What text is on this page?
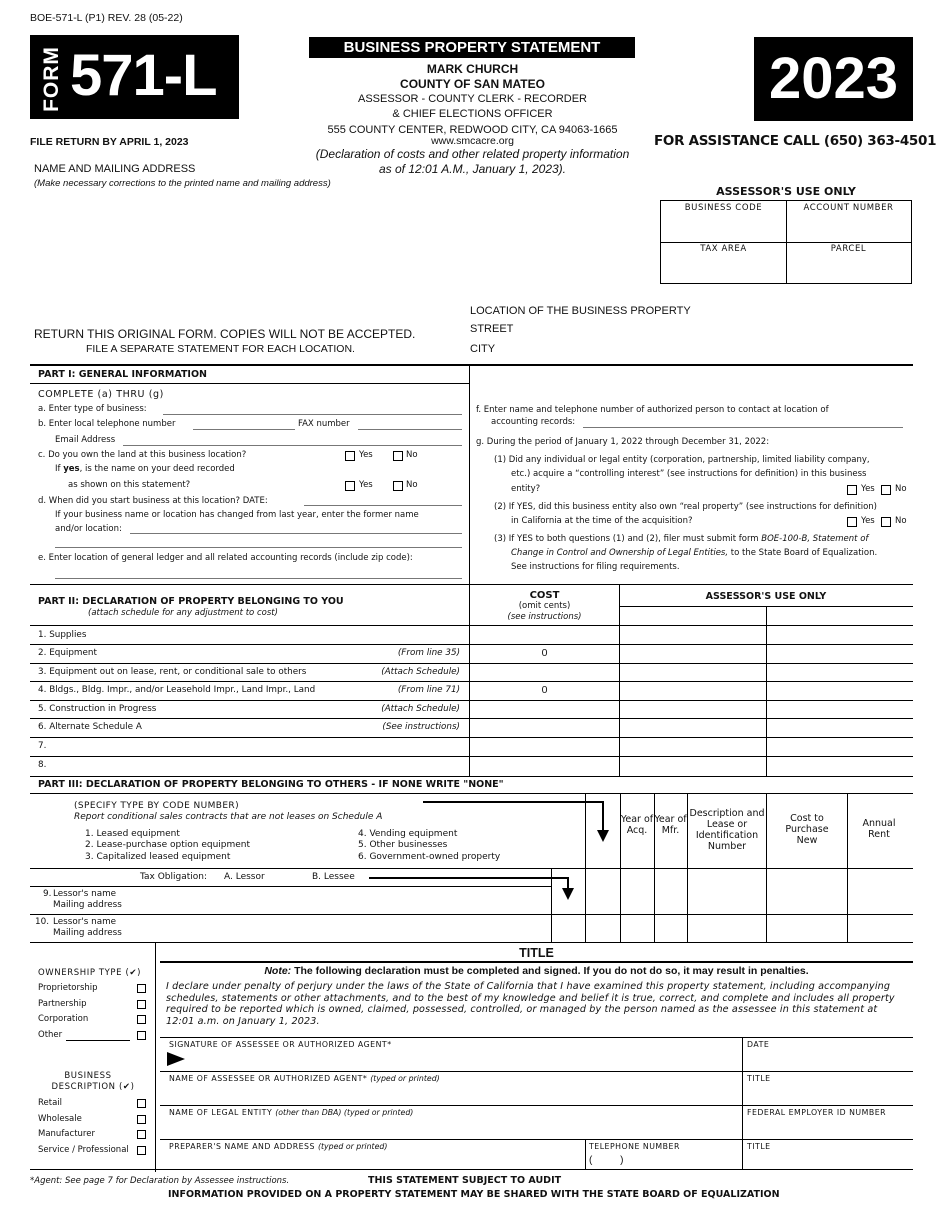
BOE-571-L (P1) REV. 28 (05-22)
FORM 571-L
FILE RETURN BY APRIL 1, 2023
BUSINESS PROPERTY STATEMENT
MARK CHURCH
COUNTY OF SAN MATEO
ASSESSOR - COUNTY CLERK - RECORDER
& CHIEF ELECTIONS OFFICER
555 COUNTY CENTER, REDWOOD CITY, CA 94063-1665
www.smcacre.org
(Declaration of costs and other related property information
as of 12:01 A.M., January 1, 2023).
2023
FOR ASSISTANCE CALL (650) 363-4501
NAME AND MAILING ADDRESS
(Make necessary corrections to the printed name and mailing address)
ASSESSOR'S USE ONLY
BUSINESS CODE	ACCOUNT NUMBER
TAX AREA	PARCEL
LOCATION OF THE BUSINESS PROPERTY
STREET
CITY
RETURN THIS ORIGINAL FORM. COPIES WILL NOT BE ACCEPTED.
FILE A SEPARATE STATEMENT FOR EACH LOCATION.
PART I: GENERAL INFORMATION
COMPLETE (a) THRU (g)
a. Enter type of business:
b. Enter local telephone number	FAX number
Email Address
c. Do you own the land at this business location?	Yes	No
If yes, is the name on your deed recorded
as shown on this statement?	Yes	No
d. When did you start business at this location? DATE:
If your business name or location has changed from last year, enter the former name
and/or location:
e. Enter location of general ledger and all related accounting records (include zip code):
f. Enter name and telephone number of authorized person to contact at location of
accounting records:
g. During the period of January 1, 2022 through December 31, 2022:
(1) Did any individual or legal entity (corporation, partnership, limited liability company,
etc.) acquire a “controlling interest” (see instructions for definition) in this business
entity?	Yes No
(2) If YES, did this business entity also own “real property” (see instructions for definition)
in California at the time of the acquisition?	Yes No
(3) If YES to both questions (1) and (2), filer must submit form BOE-100-B, Statement of
Change in Control and Ownership of Legal Entities, to the State Board of Equalization.
See instructions for filing requirements.
PART II: DECLARATION OF PROPERTY BELONGING TO YOU
(attach schedule for any adjustment to cost)
COST
(omit cents)
(see instructions)
ASSESSOR'S USE ONLY
1. Supplies
2. Equipment	(From line 35)	0
3. Equipment out on lease, rent, or conditional sale to others	(Attach Schedule)
4. Bldgs., Bldg. Impr., and/or Leasehold Impr., Land Impr., Land	(From line 71)	0
5. Construction in Progress	(Attach Schedule)
6. Alternate Schedule A	(See instructions)
7.
8.
PART III: DECLARATION OF PROPERTY BELONGING TO OTHERS - IF NONE WRITE "NONE"
(SPECIFY TYPE BY CODE NUMBER)
Report conditional sales contracts that are not leases on Schedule A
1. Leased equipment
2. Lease-purchase option equipment
3. Capitalized leased equipment
4. Vending equipment
5. Other businesses
6. Government-owned property
Year of Acq.
Year of Mfr.
Description and Lease or Identification Number
Cost to Purchase New
Annual Rent
Tax Obligation: A. Lessor	B. Lessee
9. Lessor's name
Mailing address
10. Lessor's name
Mailing address
TITLE
Note: The following declaration must be completed and signed. If you do not do so, it may result in penalties.
I declare under penalty of perjury under the laws of the State of California that I have examined this property statement, including accompanying schedules, statements or other attachments, and to the best of my knowledge and belief it is true, correct, and complete and includes all property required to be reported which is owned, claimed, possessed, controlled, or managed by the person named as the assessee in this statement at 12:01 a.m. on January 1, 2023.
SIGNATURE OF ASSESSEE OR AUTHORIZED AGENT*	DATE
NAME OF ASSESSEE OR AUTHORIZED AGENT* (typed or printed)	TITLE
NAME OF LEGAL ENTITY (other than DBA) (typed or printed)	FEDERAL EMPLOYER ID NUMBER
PREPARER'S NAME AND ADDRESS (typed or printed)	TELEPHONE NUMBER
(          )
TITLE
OWNERSHIP TYPE (✔)
Proprietorship
Partnership
Corporation
Other
BUSINESS
DESCRIPTION (✔)
Retail
Wholesale
Manufacturer
Service / Professional
*Agent: See page 7 for Declaration by Assessee instructions.	THIS STATEMENT SUBJECT TO AUDIT
INFORMATION PROVIDED ON A PROPERTY STATEMENT MAY BE SHARED WITH THE STATE BOARD OF EQUALIZATION
